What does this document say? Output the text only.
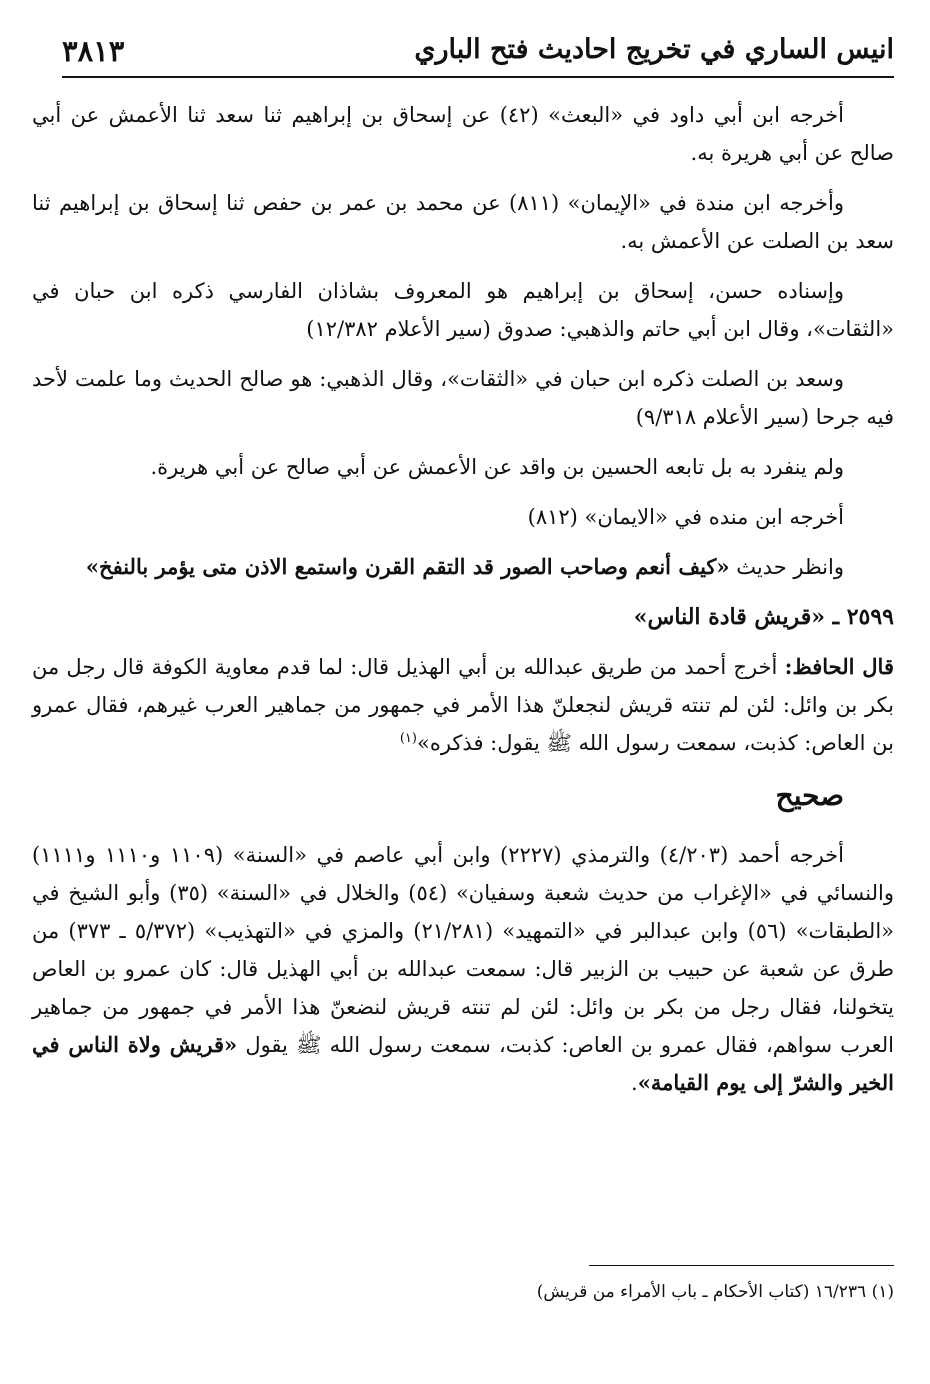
انيس الساري في تخريج احاديث فتح الباري
٣٨١٣

أخرجه ابن أبي داود في «البعث» (٤٢) عن إسحاق بن إبراهيم ثنا سعد ثنا الأعمش عن أبي صالح عن أبي هريرة به.

وأخرجه ابن مندة في «الإيمان» (٨١١) عن محمد بن عمر بن حفص ثنا إسحاق بن إبراهيم ثنا سعد بن الصلت عن الأعمش به.

وإسناده حسن، إسحاق بن إبراهيم هو المعروف بشاذان الفارسي ذكره ابن حبان في «الثقات»، وقال ابن أبي حاتم والذهبي: صدوق (سير الأعلام ١٢/٣٨٢)

وسعد بن الصلت ذكره ابن حبان في «الثقات»، وقال الذهبي: هو صالح الحديث وما علمت لأحد فيه جرحا (سير الأعلام ٩/٣١٨)

ولم ينفرد به بل تابعه الحسين بن واقد عن الأعمش عن أبي صالح عن أبي هريرة.

أخرجه ابن منده في «الايمان» (٨١٢)

وانظر حديث «كيف أنعم وصاحب الصور قد التقم القرن واستمع الاذن متى يؤمر بالنفخ»

٢٥٩٩ ـ «قريش قادة الناس»

قال الحافظ: أخرج أحمد من طريق عبدالله بن أبي الهذيل قال: لما قدم معاوية الكوفة قال رجل من بكر بن وائل: لئن لم تنته قريش لنجعلنّ هذا الأمر في جمهور من جماهير العرب غيرهم، فقال عمرو بن العاص: كذبت، سمعت رسول الله ﷺ يقول: فذكره»$^{(١)}$

صحيح

أخرجه أحمد (٤/٢٠٣) والترمذي (٢٢٢٧) وابن أبي عاصم في «السنة» (١١٠٩ و١١١٠ و١١١١) والنسائي في «الإغراب من حديث شعبة وسفيان» (٥٤) والخلال في «السنة» (٣٥) وأبو الشيخ في «الطبقات» (٥٦) وابن عبدالبر في «التمهيد» (٢١/٢٨١) والمزي في «التهذيب» (٥/٣٧٢ ـ ٣٧٣) من طرق عن شعبة عن حبيب بن الزبير قال: سمعت عبدالله بن أبي الهذيل قال: كان عمرو بن العاص يتخولنا، فقال رجل من بكر بن وائل: لئن لم تنته قريش لنضعنّ هذا الأمر في جمهور من جماهير العرب سواهم، فقال عمرو بن العاص: كذبت، سمعت رسول الله ﷺ يقول «قريش ولاة الناس في الخير والشرّ إلى يوم القيامة».

(١) ١٦/٢٣٦ (كتاب الأحكام ـ باب الأمراء من قريش)
